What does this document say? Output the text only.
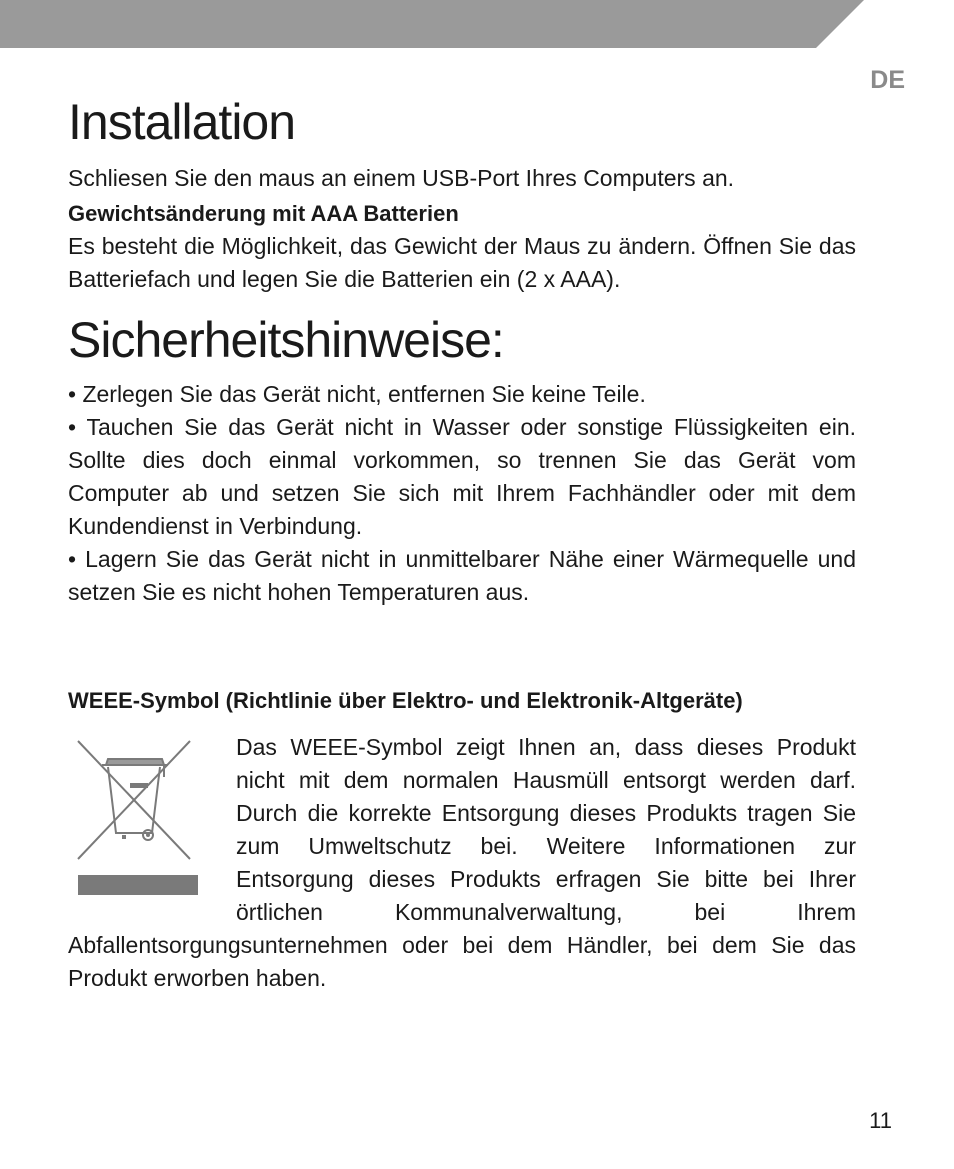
DE
Installation

Schliesen Sie den maus an einem USB-Port Ihres Computers an.

Gewichtsänderung mit AAA Batterien

Es besteht die Möglichkeit, das Gewicht der Maus zu ändern. Öffnen Sie das Batteriefach und legen Sie die Batterien ein (2 x AAA).

Sicherheitshinweise:

• Zerlegen Sie das Gerät nicht, entfernen Sie keine Teile.

• Tauchen Sie das Gerät nicht in Wasser oder sonstige Flüssigkeiten ein. Sollte dies doch einmal vorkommen, so trennen Sie das Gerät vom Computer ab und setzen Sie sich mit Ihrem Fachhändler oder mit dem Kundendienst in Verbindung.

• Lagern Sie das Gerät nicht in unmittelbarer Nähe einer Wärmequelle und setzen Sie es nicht hohen Temperaturen aus.

WEEE-Symbol (Richtlinie über Elektro- und Elektronik-Altgeräte)

Das WEEE-Symbol zeigt Ihnen an, dass dieses Produkt nicht mit dem normalen Hausmüll entsorgt werden darf. Durch die korrekte Entsorgung dieses Produkts tragen Sie zum Umweltschutz bei. Weitere Informationen zur Entsorgung dieses Produkts erfragen Sie bitte bei Ihrer örtlichen Kommunalverwaltung, bei Ihrem Abfallentsorgungsunternehmen oder bei dem Händler, bei dem Sie das Produkt erworben haben.

11
